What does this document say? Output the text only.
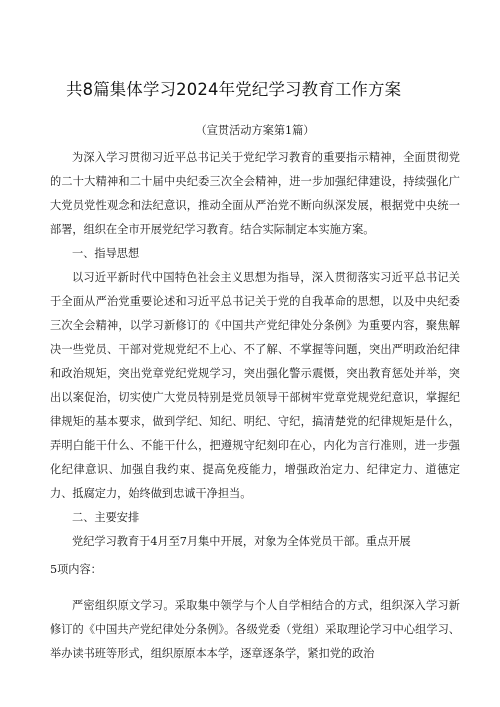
共8篇集体学习2024年党纪学习教育工作方案
（宣贯活动方案第1篇）

为深入学习贯彻习近平总书记关于党纪学习教育的重要指示精神，全面贯彻党的二十大精神和二十届中央纪委三次全会精神，进一步加强纪律建设，持续强化广大党员党性观念和法纪意识，推动全面从严治党不断向纵深发展，根据党中央统一部署，组织在全市开展党纪学习教育。结合实际制定本实施方案。

一、指导思想

以习近平新时代中国特色社会主义思想为指导，深入贯彻落实习近平总书记关于全面从严治党重要论述和习近平总书记关于党的自我革命的思想，以及中央纪委三次全会精神，以学习新修订的《中国共产党纪律处分条例》为重要内容，聚焦解决一些党员、干部对党规党纪不上心、不了解、不掌握等问题，突出严明政治纪律和政治规矩，突出党章党纪党规学习，突出强化警示震慑，突出教育惩处并举，突出以案促治，切实使广大党员特别是党员领导干部树牢党章党规党纪意识，掌握纪律规矩的基本要求，做到学纪、知纪、明纪、守纪，搞清楚党的纪律规矩是什么，弄明白能干什么、不能干什么，把遵规守纪刻印在心，内化为言行准则，进一步强化纪律意识、加强自我约束、提高免疫能力，增强政治定力、纪律定力、道德定力、抵腐定力，始终做到忠诚干净担当。

二、主要安排

党纪学习教育于4月至7月集中开展，对象为全体党员干部。重点开展

5项内容：

严密组织原文学习。采取集中领学与个人自学相结合的方式，组织深入学习新修订的《中国共产党纪律处分条例》。各级党委（党组）采取理论学习中心组学习、举办读书班等形式，组织原原本本学，逐章逐条学，紧扣党的政治
